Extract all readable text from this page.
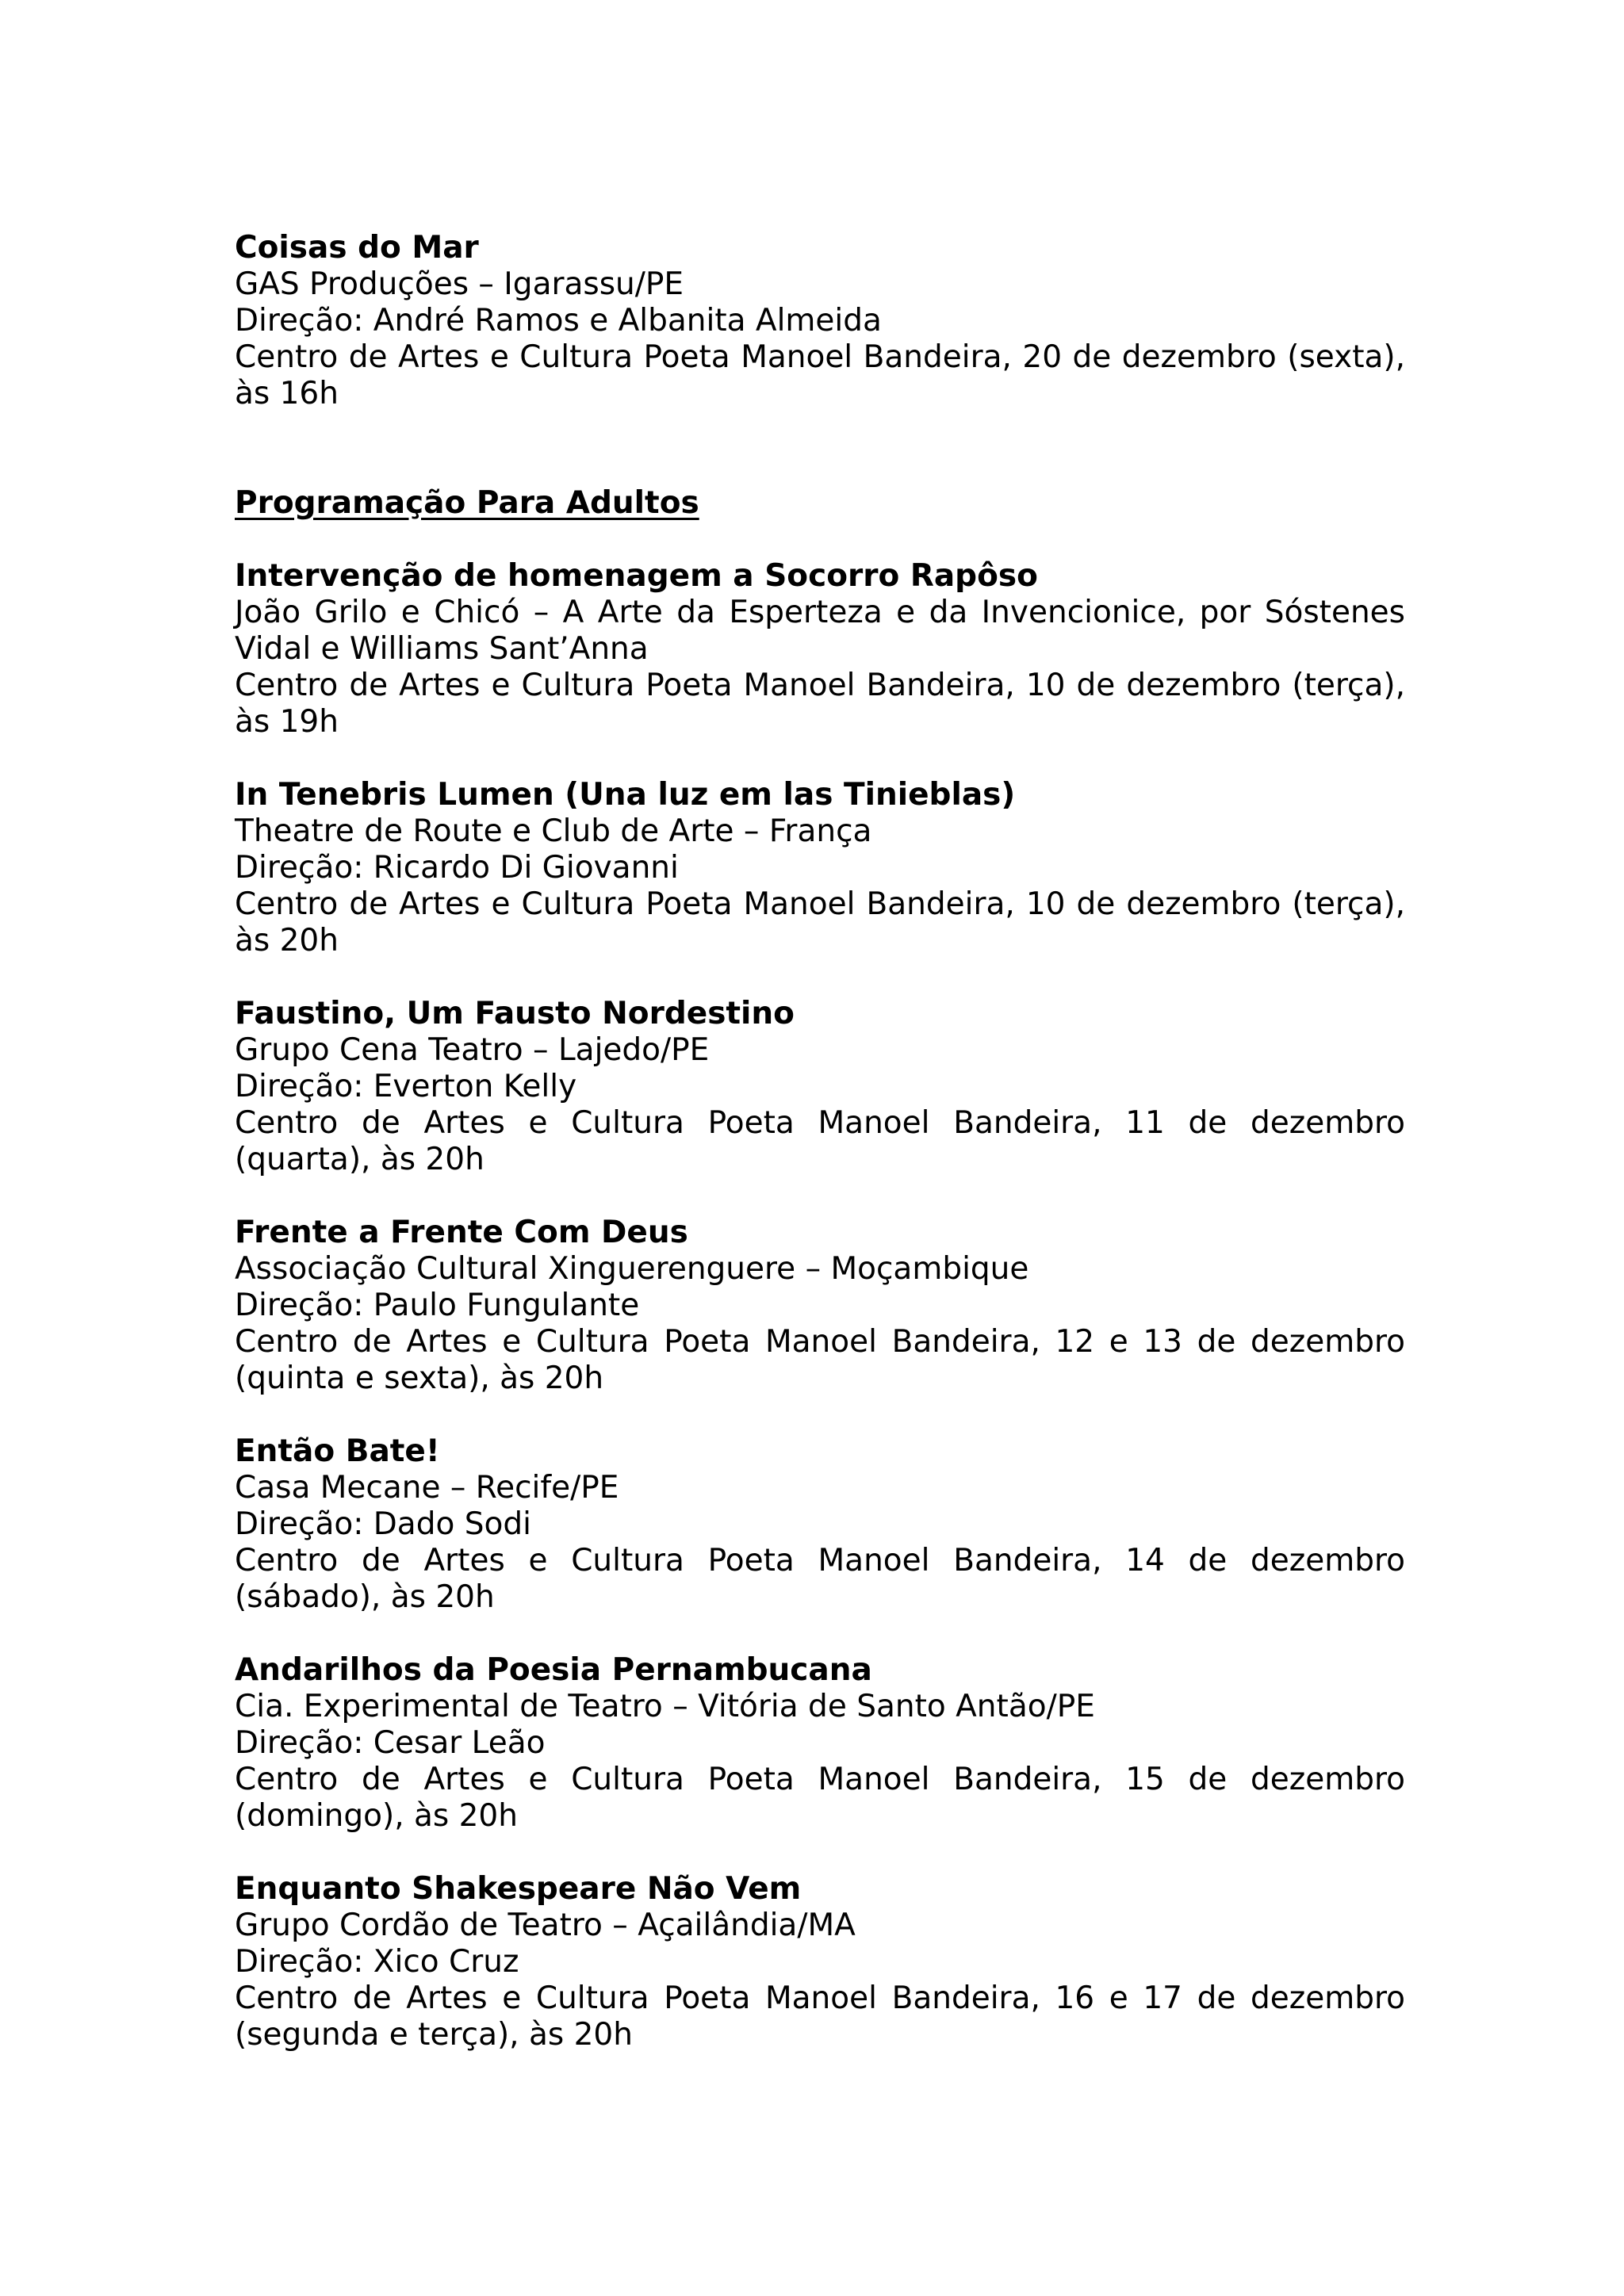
Coisas do Mar
GAS Produções – Igarassu/PE
Direção: André Ramos e Albanita Almeida
Centro de Artes e Cultura Poeta Manoel Bandeira, 20 de dezembro (sexta), às 16h
Programação Para Adultos
Intervenção de homenagem a Socorro Rapôso
João Grilo e Chicó – A Arte da Esperteza e da Invencionice, por Sóstenes Vidal e Williams Sant’Anna
Centro de Artes e Cultura Poeta Manoel Bandeira, 10 de dezembro (terça), às 19h
In Tenebris Lumen (Una luz em las Tinieblas)
Theatre de Route e Club de Arte – França
Direção: Ricardo Di Giovanni
Centro de Artes e Cultura Poeta Manoel Bandeira, 10 de dezembro (terça), às 20h
Faustino, Um Fausto Nordestino
Grupo Cena Teatro – Lajedo/PE
Direção: Everton Kelly
Centro de Artes e Cultura Poeta Manoel Bandeira, 11 de dezembro (quarta), às 20h
Frente a Frente Com Deus
Associação Cultural Xinguerenguere – Moçambique
Direção: Paulo Fungulante
Centro de Artes e Cultura Poeta Manoel Bandeira, 12 e 13 de dezembro (quinta e sexta), às 20h
Então Bate!
Casa Mecane – Recife/PE
Direção: Dado Sodi
Centro de Artes e Cultura Poeta Manoel Bandeira, 14 de dezembro (sábado), às 20h
Andarilhos da Poesia Pernambucana
Cia. Experimental de Teatro – Vitória de Santo Antão/PE
Direção: Cesar Leão
Centro de Artes e Cultura Poeta Manoel Bandeira, 15 de dezembro (domingo), às 20h
Enquanto Shakespeare Não Vem
Grupo Cordão de Teatro – Açailândia/MA
Direção: Xico Cruz
Centro de Artes e Cultura Poeta Manoel Bandeira, 16 e 17 de dezembro (segunda e terça), às 20h
